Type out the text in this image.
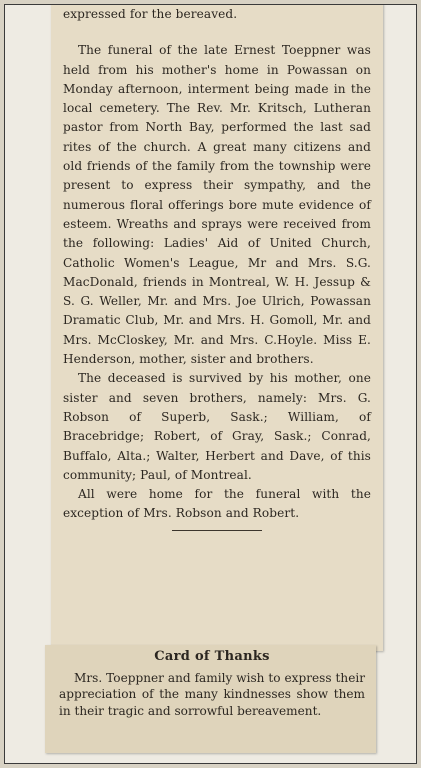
expressed for the bereaved.

The funeral of the late Ernest Toeppner was held from his mother's home in Powassan on Monday afternoon, interment being made in the local cemetery. The Rev. Mr. Kritsch, Lutheran pastor from North Bay, performed the last sad rites of the church. A great many citizens and old friends of the family from the township were present to express their sympathy, and the numerous floral offerings bore mute evidence of esteem. Wreaths and sprays were received from the following: Ladies' Aid of United Church, Catholic Women's League, Mr and Mrs. S.G. MacDonald, friends in Montreal, W. H. Jessup & S. G. Weller, Mr. and Mrs. Joe Ulrich, Powassan Dramatic Club, Mr. and Mrs. H. Gomoll, Mr. and Mrs. McCloskey, Mr. and Mrs. C.Hoyle. Miss E. Henderson, mother, sister and brothers.

The deceased is survived by his mother, one sister and seven brothers, namely: Mrs. G. Robson of Superb, Sask.; William, of Bracebridge; Robert, of Gray, Sask.; Conrad, Buffalo, Alta.; Walter, Herbert and Dave, of this community; Paul, of Montreal.

All were home for the funeral with the exception of Mrs. Robson and Robert.

Card of Thanks

Mrs. Toeppner and family wish to express their appreciation of the many kindnesses show them in their tragic and sorrowful bereavement.
